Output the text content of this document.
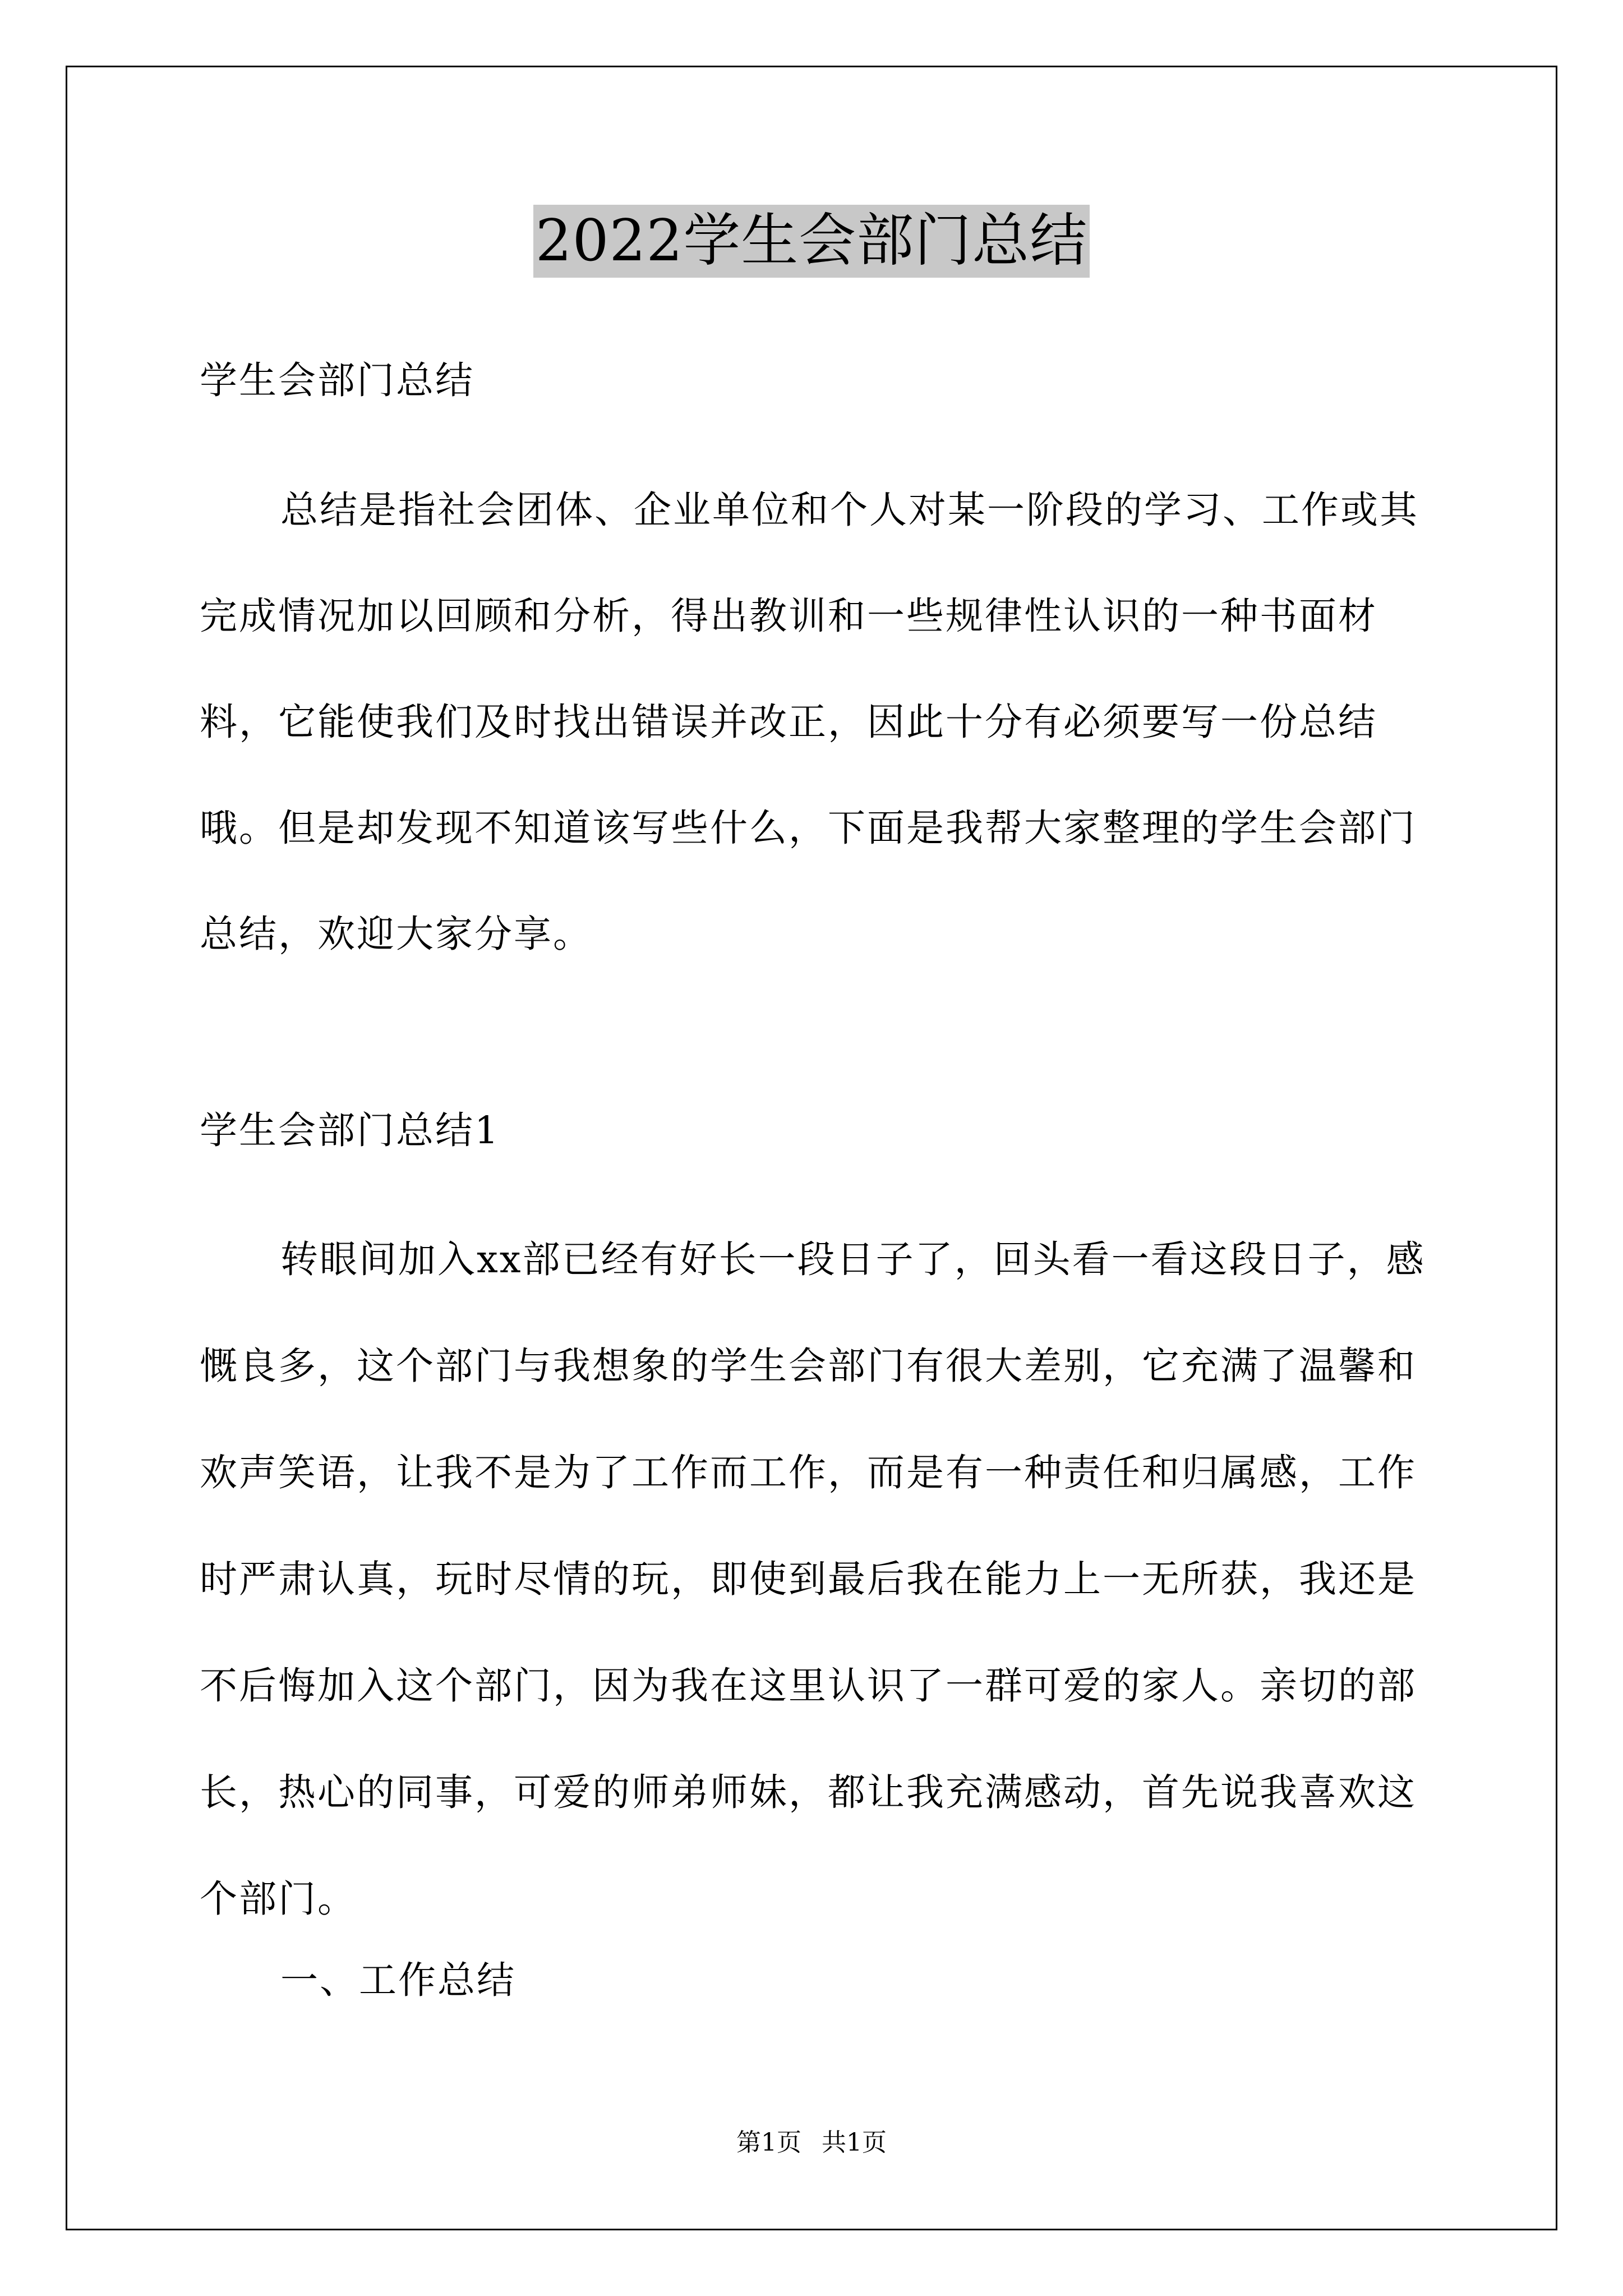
2022学生会部门总结

学生会部门总结

总结是指社会团体、企业单位和个人对某一阶段的学习、工作或其完成情况加以回顾和分析，得出教训和一些规律性认识的一种书面材料，它能使我们及时找出错误并改正，因此十分有必须要写一份总结哦。但是却发现不知道该写些什么，下面是我帮大家整理的学生会部门总结，欢迎大家分享。

学生会部门总结1

转眼间加入xx部已经有好长一段日子了，回头看一看这段日子，感慨良多，这个部门与我想象的学生会部门有很大差别，它充满了温馨和欢声笑语，让我不是为了工作而工作，而是有一种责任和归属感，工作时严肃认真，玩时尽情的玩，即使到最后我在能力上一无所获，我还是不后悔加入这个部门，因为我在这里认识了一群可爱的家人。亲切的部长，热心的同事，可爱的师弟师妹，都让我充满感动，首先说我喜欢这个部门。

一、工作总结

第1页 共1页
